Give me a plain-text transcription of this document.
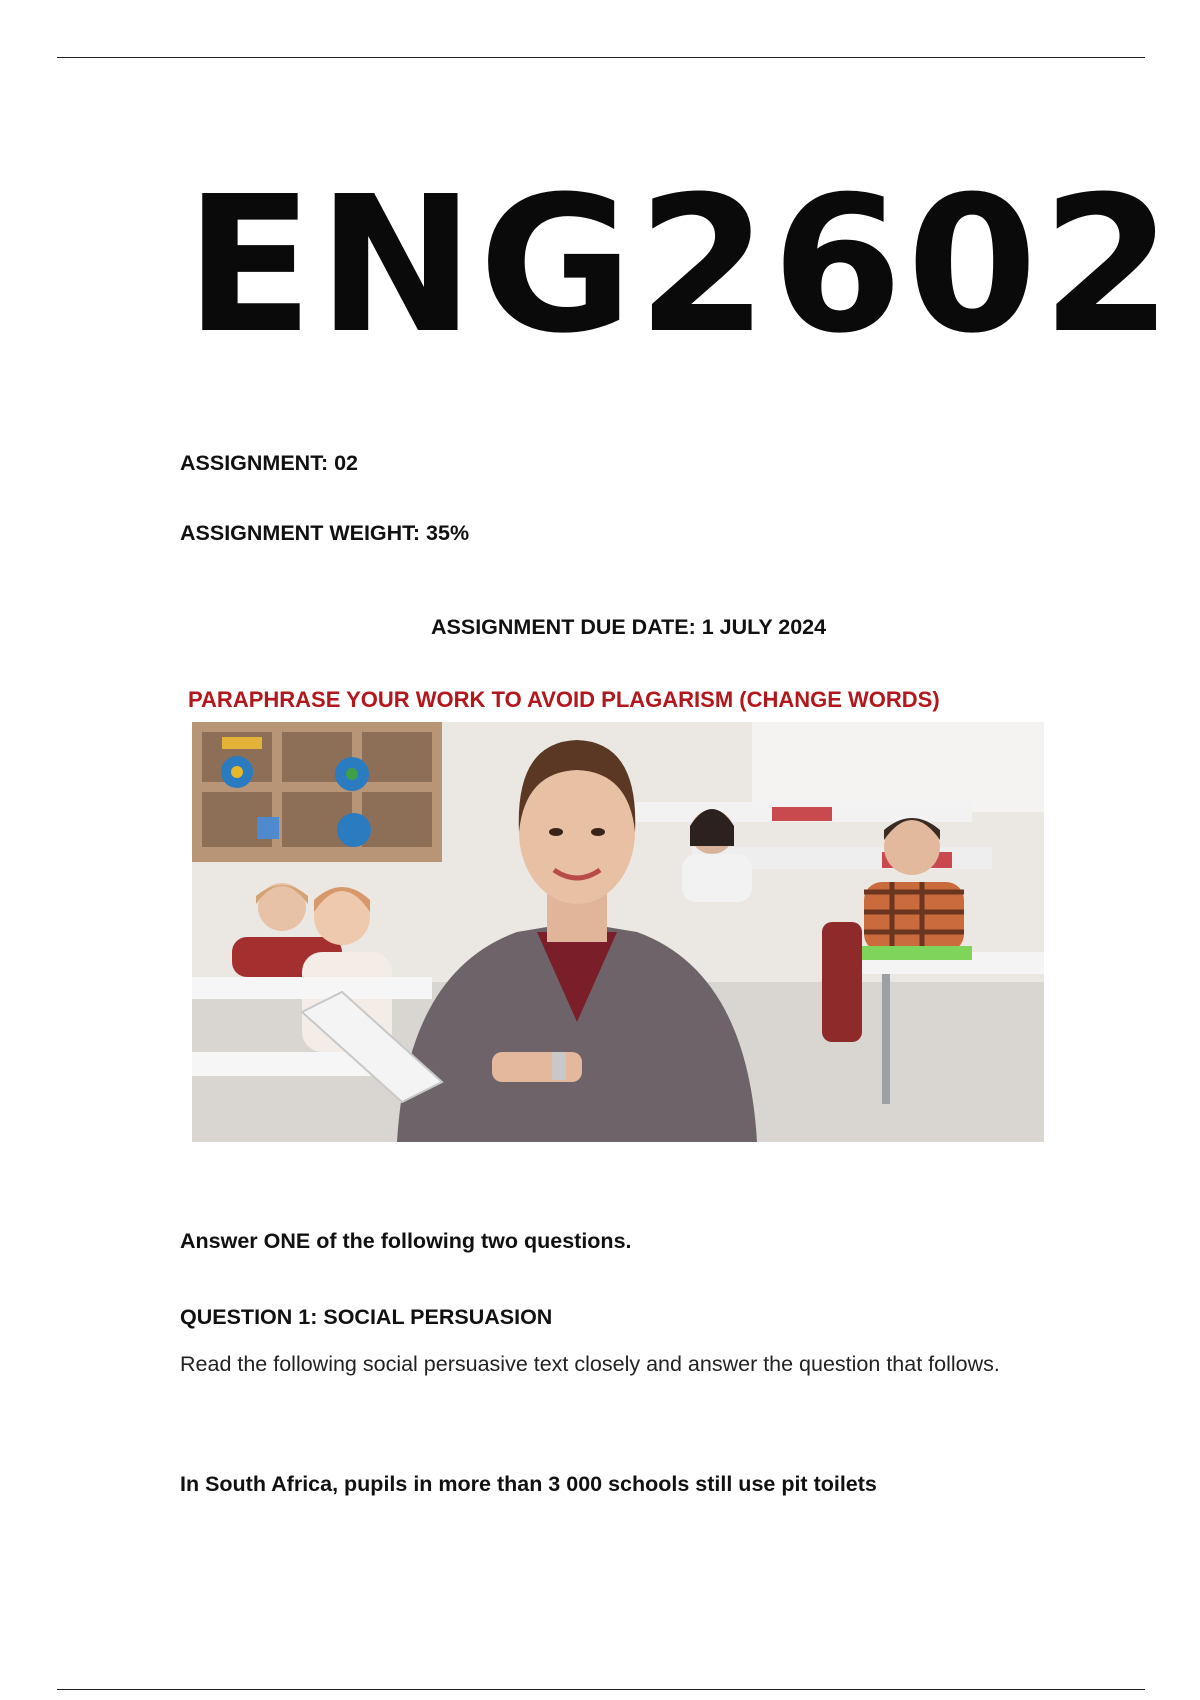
ENG2602
ASSIGNMENT: 02
ASSIGNMENT WEIGHT: 35%
ASSIGNMENT DUE DATE: 1 JULY 2024
PARAPHRASE YOUR WORK TO AVOID PLAGARISM (CHANGE WORDS)
Answer ONE of the following two questions.
QUESTION 1: SOCIAL PERSUASION
Read the following social persuasive text closely and answer the question that follows.
In South Africa, pupils in more than 3 000 schools still use pit toilets
